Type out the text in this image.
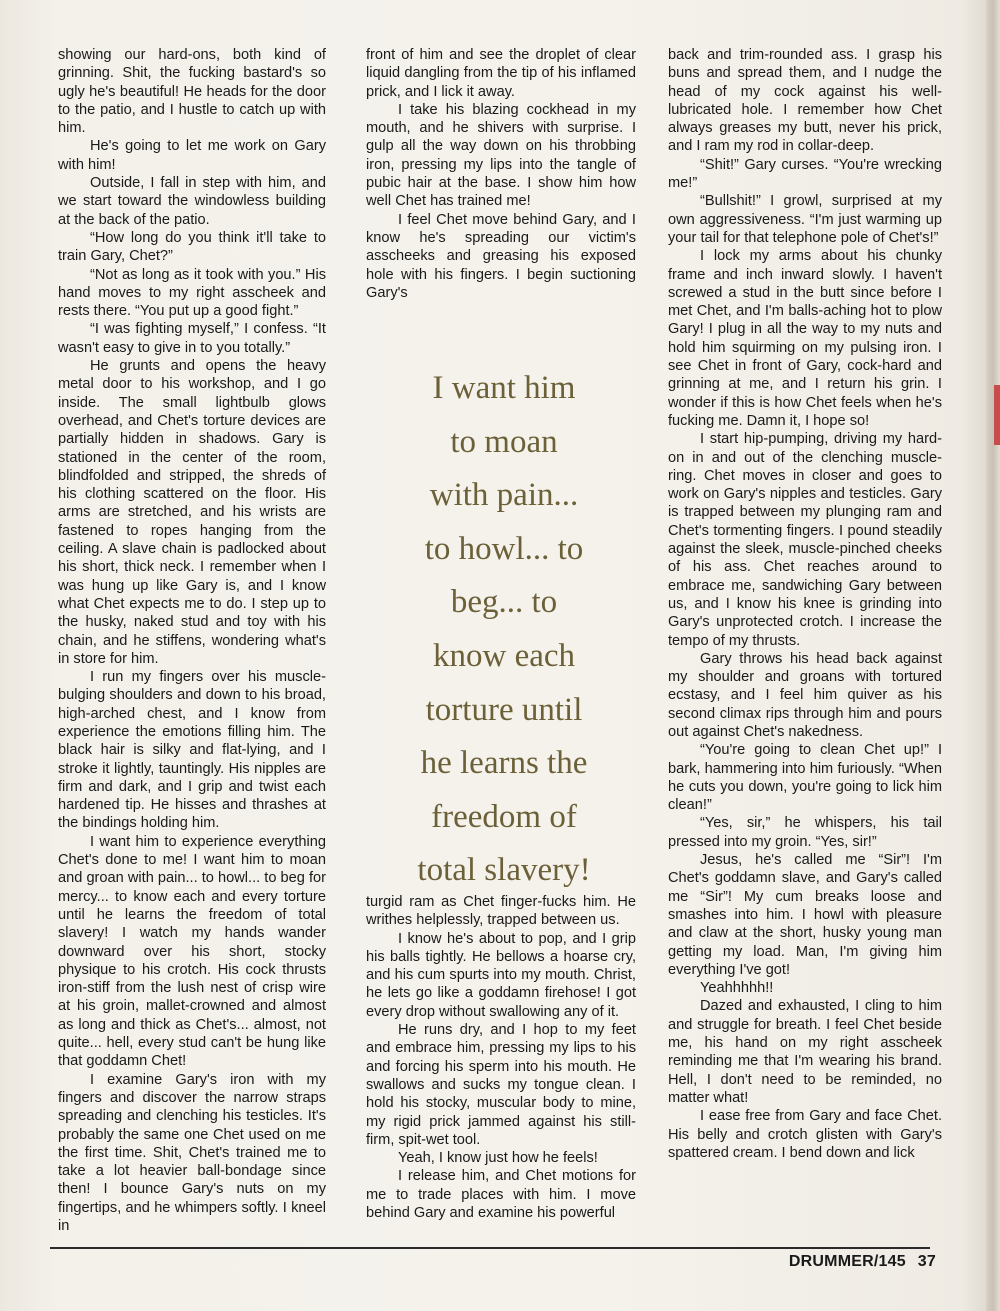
showing our hard-ons, both kind of grinning. Shit, the fucking bastard's so ugly he's beautiful! He heads for the door to the patio, and I hustle to catch up with him.

He's going to let me work on Gary with him!

Outside, I fall in step with him, and we start toward the windowless building at the back of the patio.

“How long do you think it'll take to train Gary, Chet?”

“Not as long as it took with you.” His hand moves to my right asscheek and rests there. “You put up a good fight.”

“I was fighting myself,” I confess. “It wasn't easy to give in to you totally.”

He grunts and opens the heavy metal door to his workshop, and I go inside. The small lightbulb glows overhead, and Chet's torture devices are partially hidden in shadows. Gary is stationed in the center of the room, blindfolded and stripped, the shreds of his clothing scattered on the floor. His arms are stretched, and his wrists are fastened to ropes hanging from the ceiling. A slave chain is padlocked about his short, thick neck. I remember when I was hung up like Gary is, and I know what Chet expects me to do. I step up to the husky, naked stud and toy with his chain, and he stiffens, wondering what's in store for him.

I run my fingers over his muscle-bulging shoulders and down to his broad, high-arched chest, and I know from experience the emotions filling him. The black hair is silky and flat-lying, and I stroke it lightly, tauntingly. His nipples are firm and dark, and I grip and twist each hardened tip. He hisses and thrashes at the bindings holding him.

I want him to experience everything Chet's done to me! I want him to moan and groan with pain... to howl... to beg for mercy... to know each and every torture until he learns the freedom of total slavery! I watch my hands wander downward over his short, stocky physique to his crotch. His cock thrusts iron-stiff from the lush nest of crisp wire at his groin, mallet-crowned and almost as long and thick as Chet's... almost, not quite... hell, every stud can't be hung like that goddamn Chet!

I examine Gary's iron with my fingers and discover the narrow straps spreading and clenching his testicles. It's probably the same one Chet used on me the first time. Shit, Chet's trained me to take a lot heavier ball-bondage since then! I bounce Gary's nuts on my fingertips, and he whimpers softly. I kneel in

front of him and see the droplet of clear liquid dangling from the tip of his inflamed prick, and I lick it away.

I take his blazing cockhead in my mouth, and he shivers with surprise. I gulp all the way down on his throbbing iron, pressing my lips into the tangle of pubic hair at the base. I show him how well Chet has trained me!

I feel Chet move behind Gary, and I know he's spreading our victim's asscheeks and greasing his exposed hole with his fingers. I begin suctioning Gary's

I want him
to moan
with pain...
to howl... to
beg... to
know each
torture until
he learns the
freedom of
total slavery!

turgid ram as Chet finger-fucks him. He writhes helplessly, trapped between us.

I know he's about to pop, and I grip his balls tightly. He bellows a hoarse cry, and his cum spurts into my mouth. Christ, he lets go like a goddamn firehose! I got every drop without swallowing any of it.

He runs dry, and I hop to my feet and embrace him, pressing my lips to his and forcing his sperm into his mouth. He swallows and sucks my tongue clean. I hold his stocky, muscular body to mine, my rigid prick jammed against his still-firm, spit-wet tool.

Yeah, I know just how he feels!

I release him, and Chet motions for me to trade places with him. I move behind Gary and examine his powerful

back and trim-rounded ass. I grasp his buns and spread them, and I nudge the head of my cock against his well-lubricated hole. I remember how Chet always greases my butt, never his prick, and I ram my rod in collar-deep.

“Shit!” Gary curses. “You're wrecking me!”

“Bullshit!” I growl, surprised at my own aggressiveness. “I'm just warming up your tail for that telephone pole of Chet's!”

I lock my arms about his chunky frame and inch inward slowly. I haven't screwed a stud in the butt since before I met Chet, and I'm balls-aching hot to plow Gary! I plug in all the way to my nuts and hold him squirming on my pulsing iron. I see Chet in front of Gary, cock-hard and grinning at me, and I return his grin. I wonder if this is how Chet feels when he's fucking me. Damn it, I hope so!

I start hip-pumping, driving my hard-on in and out of the clenching muscle-ring. Chet moves in closer and goes to work on Gary's nipples and testicles. Gary is trapped between my plunging ram and Chet's tormenting fingers. I pound steadily against the sleek, muscle-pinched cheeks of his ass. Chet reaches around to embrace me, sandwiching Gary between us, and I know his knee is grinding into Gary's unprotected crotch. I increase the tempo of my thrusts.

Gary throws his head back against my shoulder and groans with tortured ecstasy, and I feel him quiver as his second climax rips through him and pours out against Chet's nakedness.

“You're going to clean Chet up!” I bark, hammering into him furiously. “When he cuts you down, you're going to lick him clean!”

“Yes, sir,” he whispers, his tail pressed into my groin. “Yes, sir!”

Jesus, he's called me “Sir”! I'm Chet's goddamn slave, and Gary's called me “Sir”! My cum breaks loose and smashes into him. I howl with pleasure and claw at the short, husky young man getting my load. Man, I'm giving him everything I've got!

Yeahhhhh!!

Dazed and exhausted, I cling to him and struggle for breath. I feel Chet beside me, his hand on my right asscheek reminding me that I'm wearing his brand. Hell, I don't need to be reminded, no matter what!

I ease free from Gary and face Chet. His belly and crotch glisten with Gary's spattered cream. I bend down and lick

DRUMMER/145 37
